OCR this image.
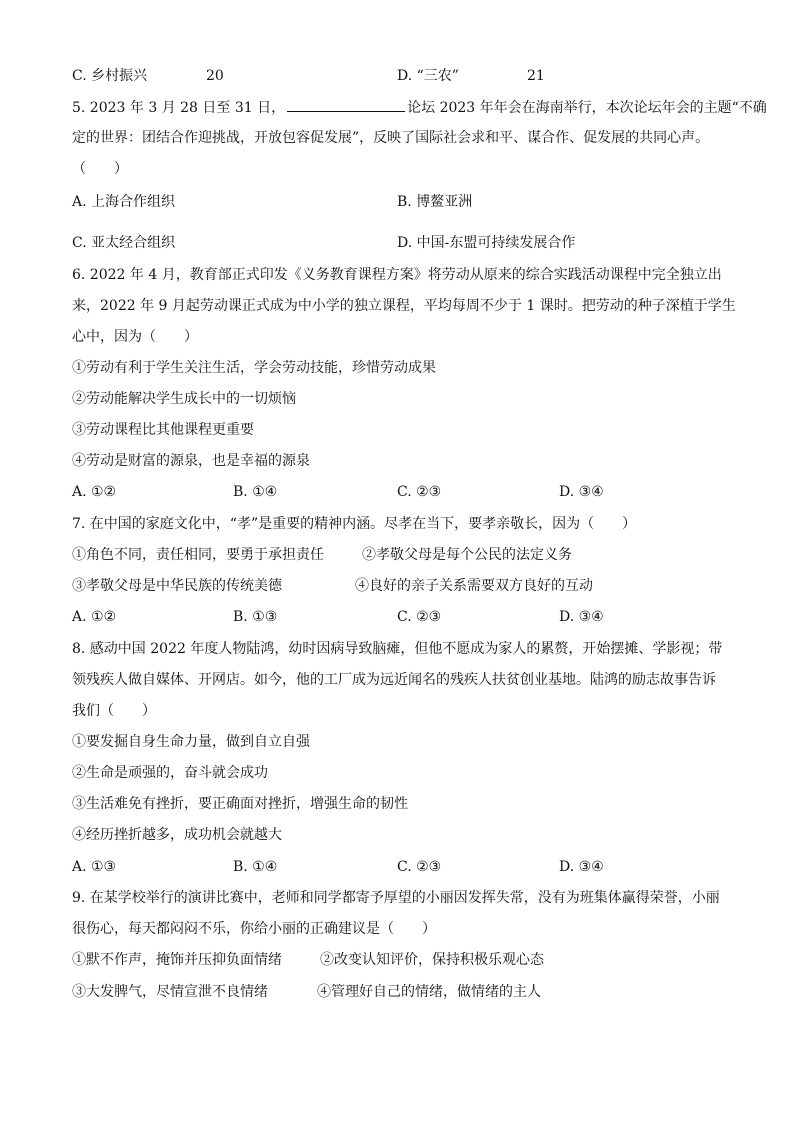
C. 乡村振兴	20	D. “三农”	21
5. 2023 年 3 月 28 日至 31 日，	论坛 2023 年年会在海南举行，本次论坛年会的主题“不确
定的世界：团结合作迎挑战，开放包容促发展”，反映了国际社会求和平、谋合作、促发展的共同心声。
（　　）
A. 上海合作组织	B. 博鳌亚洲
C. 亚太经合组织	D. 中国-东盟可持续发展合作
6. 2022 年 4 月，教育部正式印发《义务教育课程方案》将劳动从原来的综合实践活动课程中完全独立出
来，2022 年 9 月起劳动课正式成为中小学的独立课程，平均每周不少于 1 课时。把劳动的种子深植于学生
心中，因为（　　）
①劳动有利于学生关注生活，学会劳动技能，珍惜劳动成果
②劳动能解决学生成长中的一切烦恼
③劳动课程比其他课程更重要
④劳动是财富的源泉，也是幸福的源泉
A. ①②	B. ①④	C. ②③	D. ③④
7. 在中国的家庭文化中，“孝”是重要的精神内涵。尽孝在当下，要孝亲敬长，因为（　　）
①角色不同，责任相同，要勇于承担责任	②孝敬父母是每个公民的法定义务
③孝敬父母是中华民族的传统美德	④良好的亲子关系需要双方良好的互动
A. ①②	B. ①③	C. ②③	D. ③④
8. 感动中国 2022 年度人物陆鸿，幼时因病导致脑瘫，但他不愿成为家人的累赘，开始摆摊、学影视；带
领残疾人做自媒体、开网店。如今，他的工厂成为远近闻名的残疾人扶贫创业基地。陆鸿的励志故事告诉
我们（　　）
①要发掘自身生命力量，做到自立自强
②生命是顽强的，奋斗就会成功
③生活难免有挫折，要正确面对挫折，增强生命的韧性
④经历挫折越多，成功机会就越大
A. ①③	B. ①④	C. ②③	D. ③④
9. 在某学校举行的演讲比赛中，老师和同学都寄予厚望的小丽因发挥失常，没有为班集体赢得荣誉，小丽
很伤心，每天都闷闷不乐，你给小丽的正确建议是（　　）
①默不作声，掩饰并压抑负面情绪	②改变认知评价，保持积极乐观心态
③大发脾气，尽情宣泄不良情绪	④管理好自己的情绪，做情绪的主人
